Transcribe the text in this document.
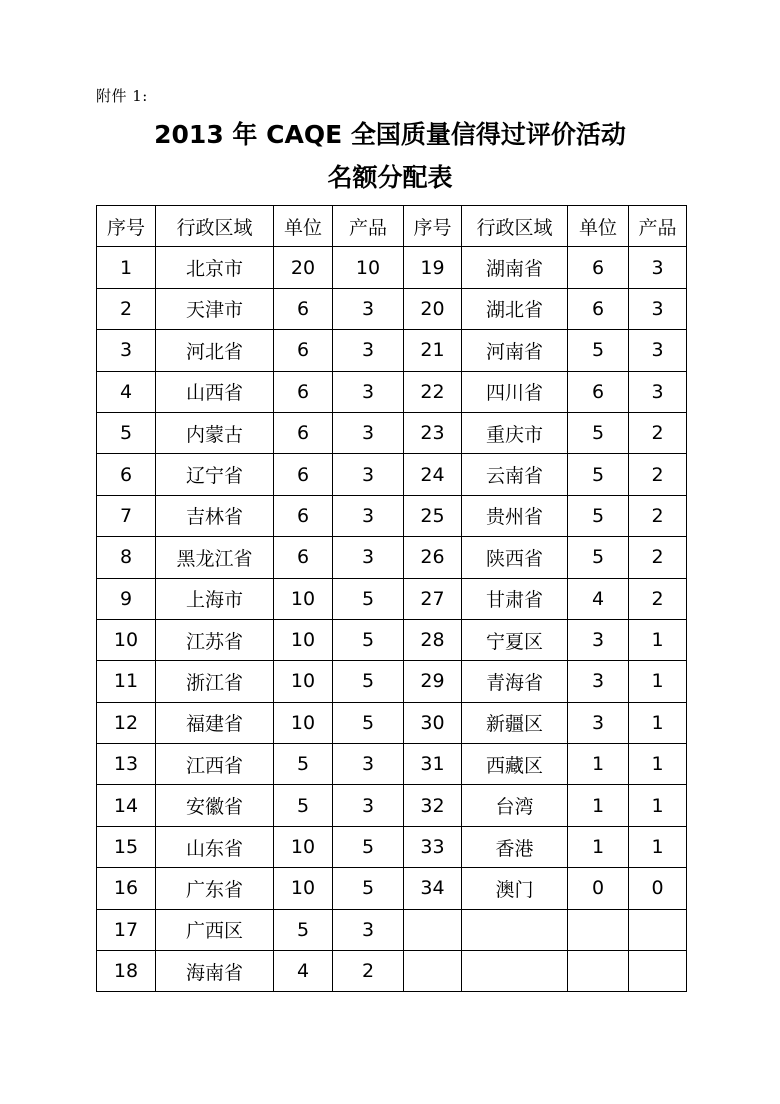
附件 1:
2013 年 CAQE 全国质量信得过评价活动
名额分配表
序号	行政区域	单位	产品	序号	行政区域	单位	产品
1	北京市	20	10	19	湖南省	6	3
2	天津市	6	3	20	湖北省	6	3
3	河北省	6	3	21	河南省	5	3
4	山西省	6	3	22	四川省	6	3
5	内蒙古	6	3	23	重庆市	5	2
6	辽宁省	6	3	24	云南省	5	2
7	吉林省	6	3	25	贵州省	5	2
8	黑龙江省	6	3	26	陕西省	5	2
9	上海市	10	5	27	甘肃省	4	2
10	江苏省	10	5	28	宁夏区	3	1
11	浙江省	10	5	29	青海省	3	1
12	福建省	10	5	30	新疆区	3	1
13	江西省	5	3	31	西藏区	1	1
14	安徽省	5	3	32	台湾	1	1
15	山东省	10	5	33	香港	1	1
16	广东省	10	5	34	澳门	0	0
17	广西区	5	3				
18	海南省	4	2				
